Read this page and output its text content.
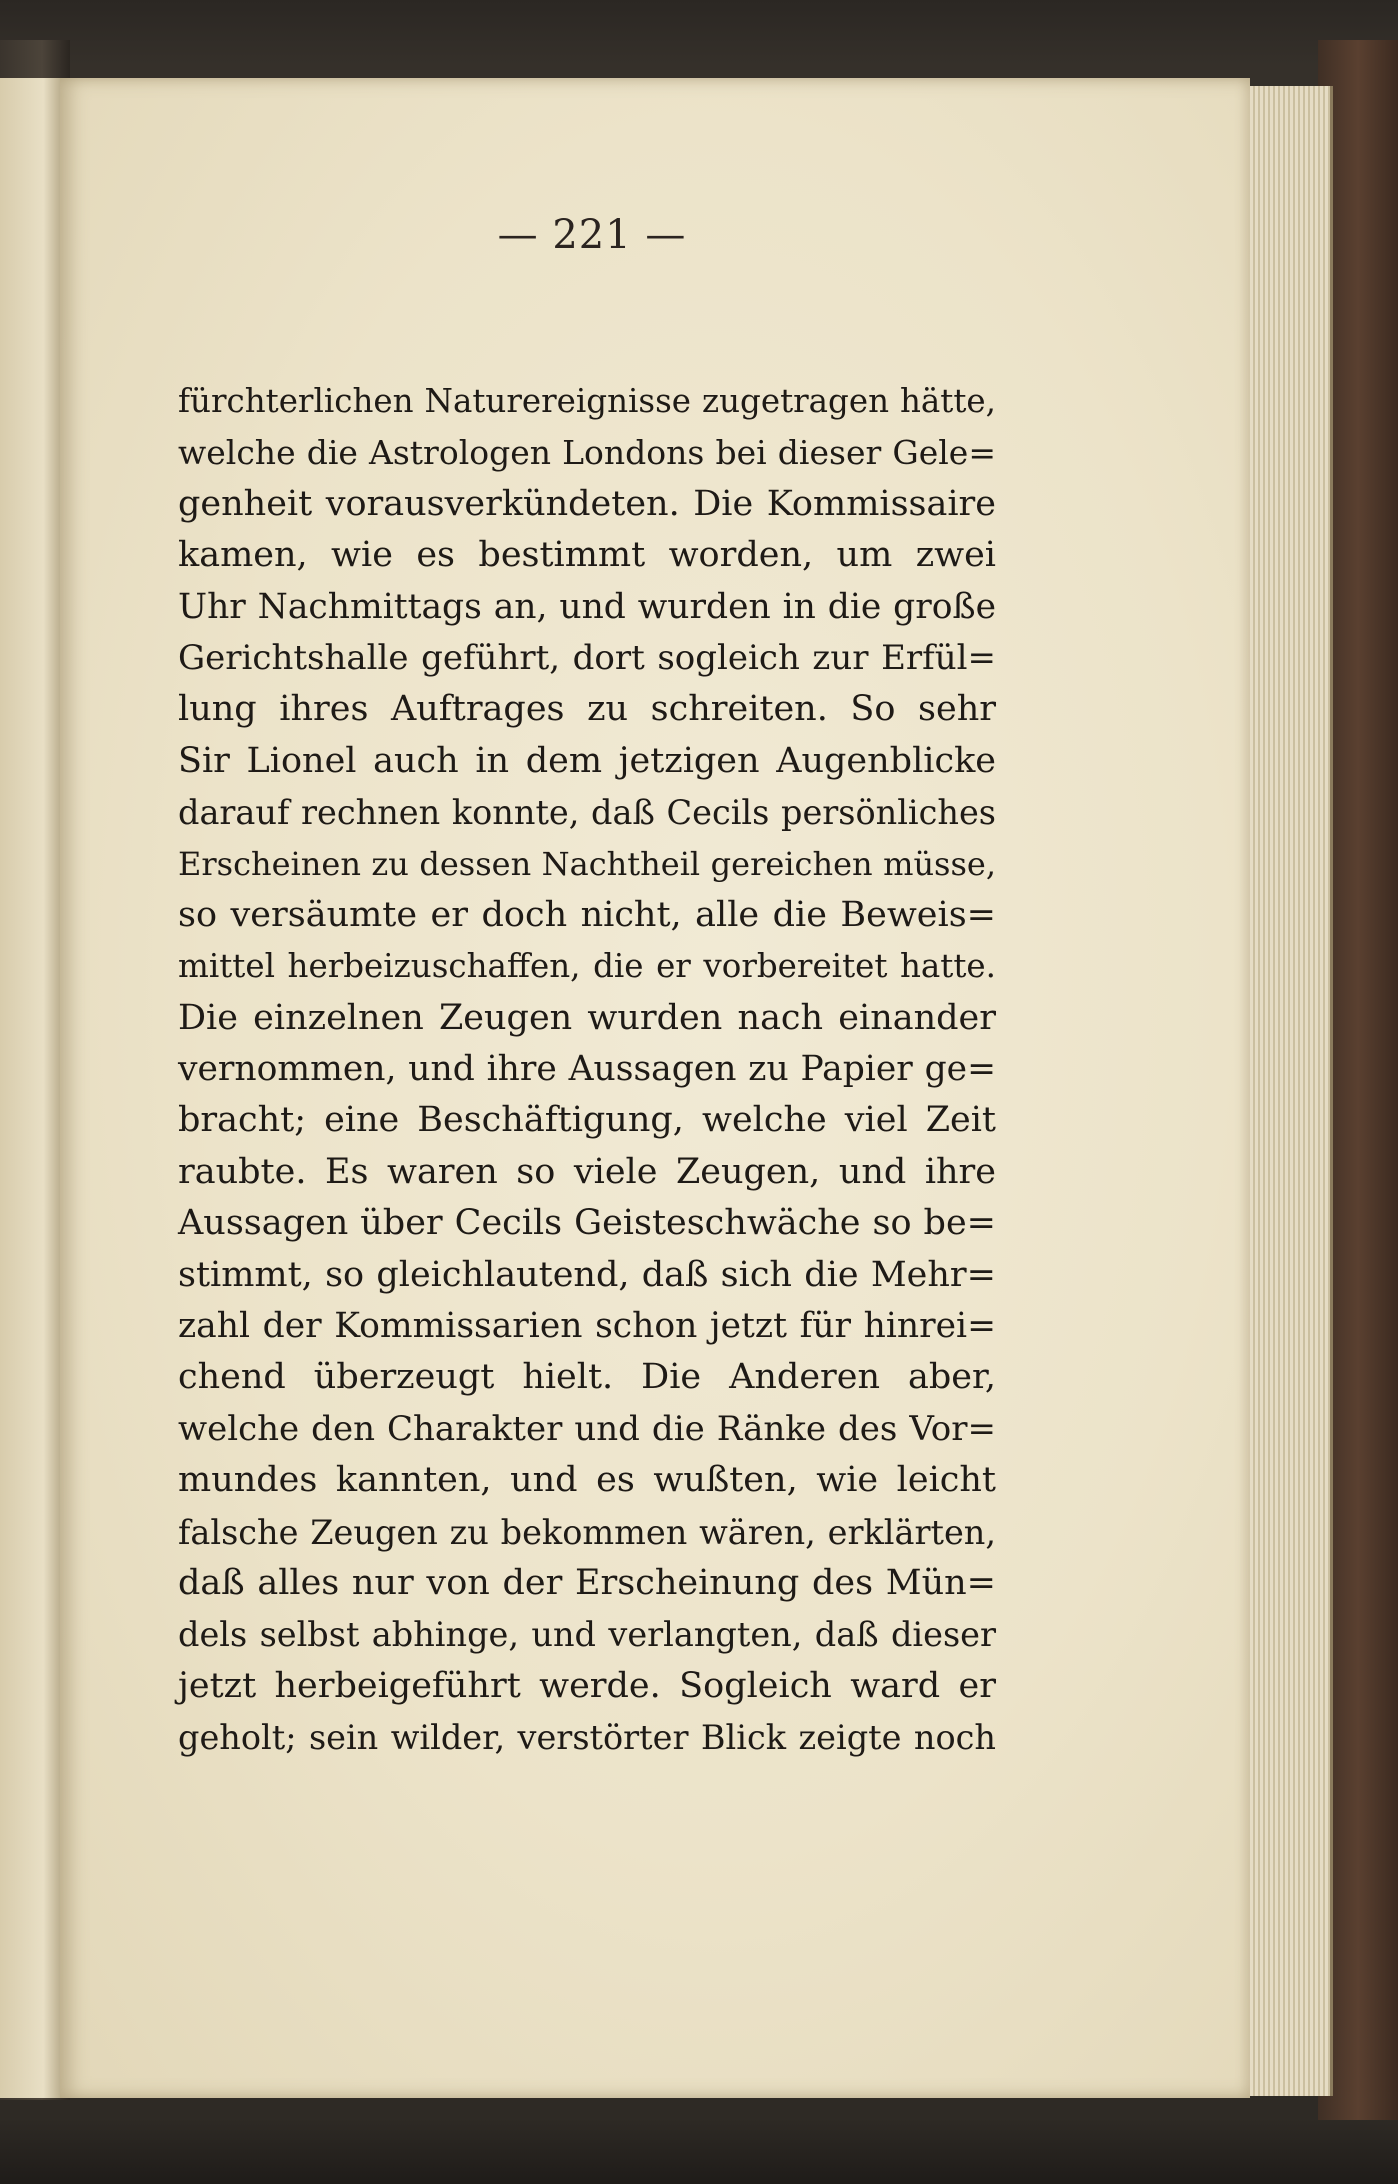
— 221 —
fürchterlichen Naturereignisse zugetragen hätte,
welche die Astrologen Londons bei dieser Gele=
genheit vorausverkündeten. Die Kommissaire
kamen, wie es bestimmt worden, um zwei
Uhr Nachmittags an, und wurden in die große
Gerichtshalle geführt, dort sogleich zur Erfül=
lung ihres Auftrages zu schreiten. So sehr
Sir Lionel auch in dem jetzigen Augenblicke
darauf rechnen konnte, daß Cecils persönliches
Erscheinen zu dessen Nachtheil gereichen müsse,
so versäumte er doch nicht, alle die Beweis=
mittel herbeizuschaffen, die er vorbereitet hatte.
Die einzelnen Zeugen wurden nach einander
vernommen, und ihre Aussagen zu Papier ge=
bracht; eine Beschäftigung, welche viel Zeit
raubte. Es waren so viele Zeugen, und ihre
Aussagen über Cecils Geisteschwäche so be=
stimmt, so gleichlautend, daß sich die Mehr=
zahl der Kommissarien schon jetzt für hinrei=
chend überzeugt hielt. Die Anderen aber,
welche den Charakter und die Ränke des Vor=
mundes kannten, und es wußten, wie leicht
falsche Zeugen zu bekommen wären, erklärten,
daß alles nur von der Erscheinung des Mün=
dels selbst abhinge, und verlangten, daß dieser
jetzt herbeigeführt werde. Sogleich ward er
geholt; sein wilder, verstörter Blick zeigte noch
